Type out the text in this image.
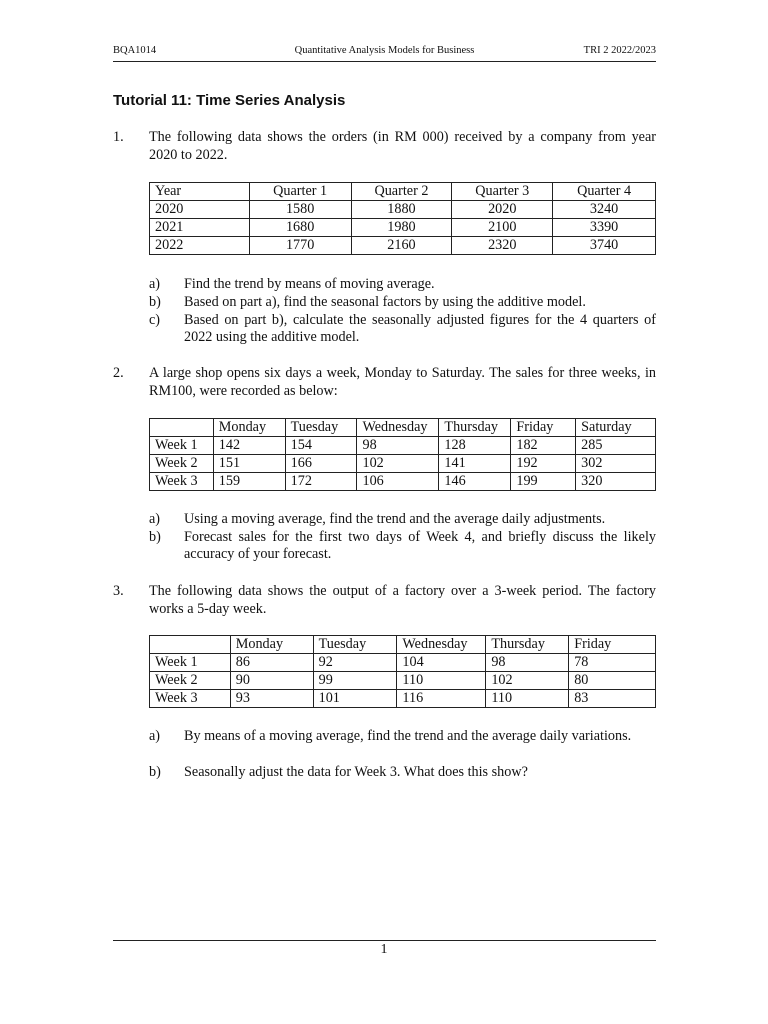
BQA1014	Quantitative Analysis Models for Business	TRI 2 2022/2023
Tutorial 11: Time Series Analysis
1. The following data shows the orders (in RM 000) received by a company from year 2020 to 2022.
Year	Quarter 1	Quarter 2	Quarter 3	Quarter 4
2020	1580	1880	2020	3240
2021	1680	1980	2100	3390
2022	1770	2160	2320	3740
a) Find the trend by means of moving average.
b) Based on part a), find the seasonal factors by using the additive model.
c) Based on part b), calculate the seasonally adjusted figures for the 4 quarters of 2022 using the additive model.
2. A large shop opens six days a week, Monday to Saturday. The sales for three weeks, in RM100, were recorded as below:
	Monday	Tuesday	Wednesday	Thursday	Friday	Saturday
Week 1	142	154	98	128	182	285
Week 2	151	166	102	141	192	302
Week 3	159	172	106	146	199	320
a) Using a moving average, find the trend and the average daily adjustments.
b) Forecast sales for the first two days of Week 4, and briefly discuss the likely accuracy of your forecast.
3. The following data shows the output of a factory over a 3-week period. The factory works a 5-day week.
	Monday	Tuesday	Wednesday	Thursday	Friday
Week 1	86	92	104	98	78
Week 2	90	99	110	102	80
Week 3	93	101	116	110	83
a) By means of a moving average, find the trend and the average daily variations.
b) Seasonally adjust the data for Week 3. What does this show?
1
